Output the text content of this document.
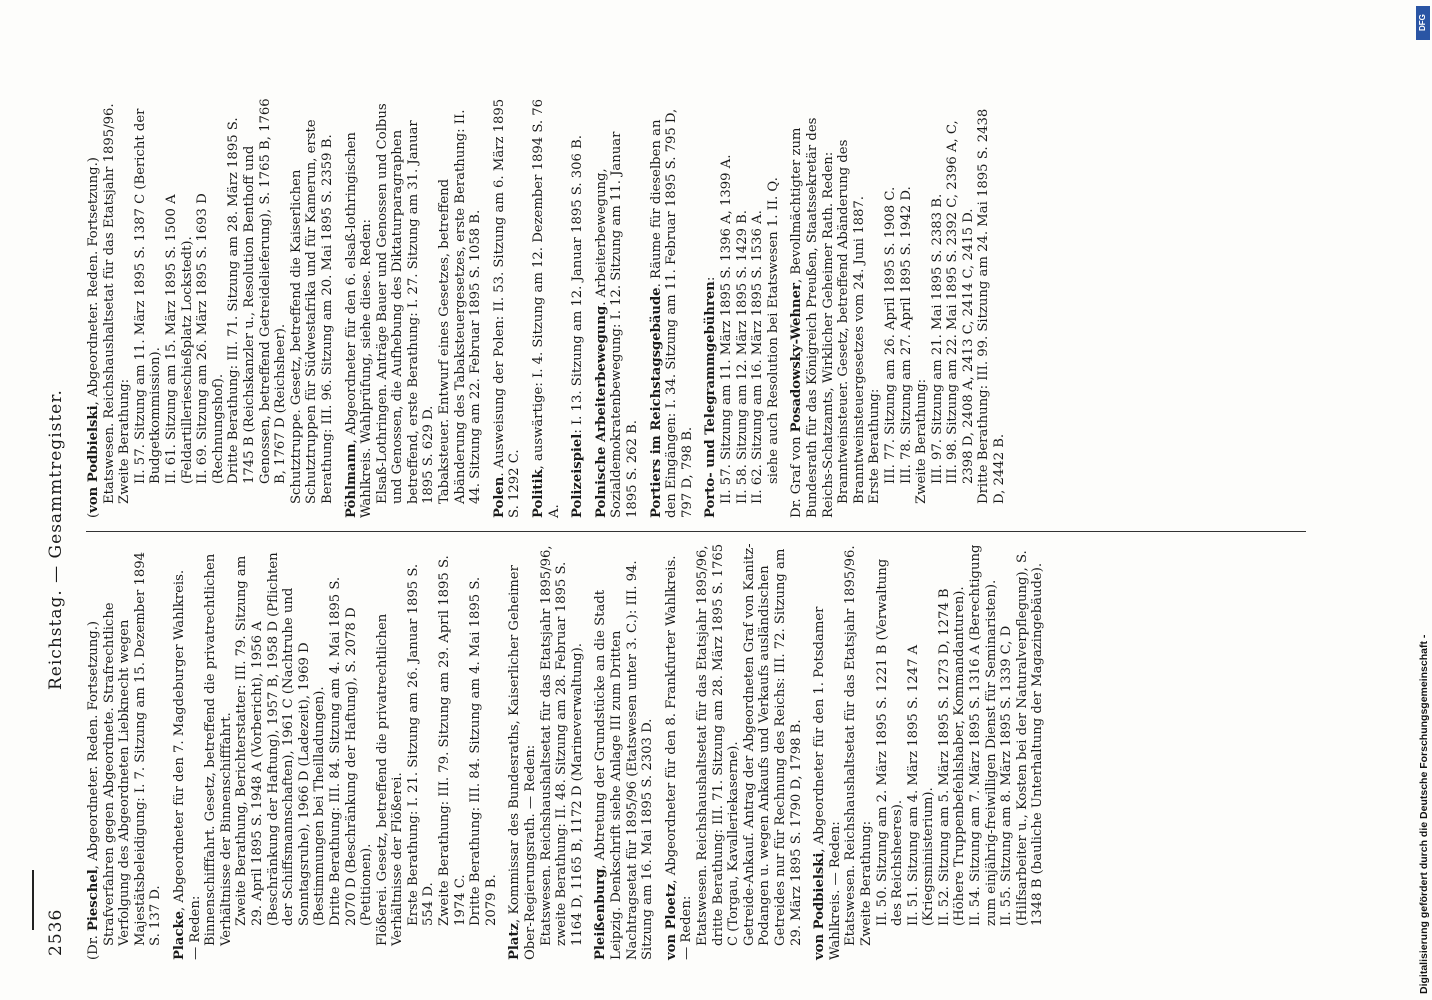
2536
Reichstag. — Gesammtregister.

(Dr. Pieschel, Abgeordneter. Reden. Fortsetzung.) Strafverfahren gegen Abgeordnete. Strafrechtliche Verfolgung des Abgeordneten Liebknecht wegen Majestätsbeleidigung: I. 7. Sitzung am 15. Dezember 1894 S. 137 D. Placke, Abgeordneter für den 7. Magdeburger Wahlkreis.

— Reden: Binnenschifffahrt. Gesetz, betreffend die privatrechtlichen Verhältnisse der Binnenschifffahrt. Zweite Berathung, Berichterstatter: III. 79. Sitzung am 29. April 1895 S. 1948 A (Vorbericht), 1956 A (Beschränkung der Haftung), 1957 B, 1958 D (Pflichten der Schiffsmannschaften), 1961 C (Nachtruhe und Sonntagsruhe), 1966 D (Ladezeit), 1969 D (Bestimmungen bei Theilladungen). Dritte Berathung: III. 84. Sitzung am 4. Mai 1895 S. 2070 D (Beschränkung der Haftung), S. 2078 D (Petitionen). Flößerei. Gesetz, betreffend die privatrechtlichen Verhältnisse der Flößerei. Erste Berathung: I. 21. Sitzung am 26. Januar 1895 S. 554 D. Zweite Berathung: III. 79. Sitzung am 29. April 1895 S. 1974 C. Dritte Berathung: III. 84. Sitzung am 4. Mai 1895 S. 2079 B.

Platz, Kommissar des Bundesraths, Kaiserlicher Geheimer Ober-Regierungsrath. — Reden: Etatswesen. Reichshaushaltsetat für das Etatsjahr 1895/96, zweite Berathung: II. 48. Sitzung am 28. Februar 1895 S. 1164 D, 1165 B, 1172 D (Marineverwaltung). Pleißenburg, Abtretung der Grundstücke an die Stadt Leipzig. Denkschrift siehe Anlage III zum Dritten Nachtragsetat für 1895/96 (Etatswesen unter 3. C.): III. 94. Sitzung am 16. Mai 1895 S. 2303 D. von Ploetz, Abgeordneter für den 8. Frankfurter Wahlkreis. — Reden: Etatswesen. Reichshaushaltsetat für das Etatsjahr 1895/96, dritte Berathung: III. 71. Sitzung am 28. März 1895 S. 1765 C (Torgau, Kavalleriekaserne). Getreide-Ankauf. Antrag der Abgeordneten Graf von Kanitz-Podangen u. wegen Ankaufs und Verkaufs ausländischen Getreides nur für Rechnung des Reichs: III. 72. Sitzung am 29. März 1895 S. 1790 D, 1798 B. von Podbielski, Abgeordneter für den 1. Potsdamer Wahlkreis. — Reden: Etatswesen. Reichshaushaltsetat für das Etatsjahr 1895/96. Zweite Berathung: II. 50. Sitzung am 2. März 1895 S. 1221 B (Verwaltung des Reichsheeres). II. 51. Sitzung am 4. März 1895 S. 1247 A (Kriegsministerium). II. 52. Sitzung am 5. März 1895 S. 1273 D, 1274 B (Höhere Truppenbefehlshaber, Kommandanturen). II. 54. Sitzung am 7. März 1895 S. 1316 A (Berechtigung zum einjährig-freiwilligen Dienst für Seminaristen). II. 55. Sitzung am 8. März 1895 S. 1339 C, D (Hilfsarbeiter u., Kosten bei der Naturalverpflegung), S. 1348 B (bauliche Unterhaltung der Magazingebäude).

(von Podbielski, Abgeordneter. Reden. Fortsetzung.) Etatswesen. Reichshaushaltsetat für das Etatsjahr 1895/96. Zweite Berathung: II. 57. Sitzung am 11. März 1895 S. 1387 C (Bericht der Budgetkommission). II. 61. Sitzung am 15. März 1895 S. 1500 A (Feldartillerieschießplatz Lockstedt). II. 69. Sitzung am 26. März 1895 S. 1693 D (Rechnungshof). Dritte Berathung: III. 71. Sitzung am 28. März 1895 S. 1745 B (Reichskanzler u., Resolution Benthoff und Genossen, betreffend Getreidelieferung), S. 1765 B, 1766 B, 1767 D (Reichsheer). Schutztruppe. Gesetz, betreffend die Kaiserlichen Schutztruppen für Südwestafrika und für Kamerun, erste Berathung: III. 96. Sitzung am 20. Mai 1895 S. 2359 B. Pöhlmann, Abgeordneter für den 6. elsaß-lothringischen Wahlkreis. Wahlprüfung, siehe diese. Reden: Elsaß-Lothringen. Anträge Bauer und Genossen und Colbus und Genossen, die Aufhebung des Diktaturparagraphen betreffend, erste Berathung: I. 27. Sitzung am 31. Januar 1895 S. 629 D. Tabaksteuer. Entwurf eines Gesetzes, betreffend Abänderung des Tabaksteuergesetzes, erste Berathung: II. 44. Sitzung am 22. Februar 1895 S. 1058 B. Polen. Ausweisung der Polen: II. 53. Sitzung am 6. März 1895 S. 1292 C. Politik, auswärtige: I. 4. Sitzung am 12. Dezember 1894 S. 76 A. Polizeispiel: I. 13. Sitzung am 12. Januar 1895 S. 306 B. Polnische Arbeiterbewegung. Arbeiterbewegung, Sozialdemokratenbewegung: I. 12. Sitzung am 11. Januar 1895 S. 262 B. Portiers im Reichstagsgebäude. Räume für dieselben an den Eingängen: I. 34. Sitzung am 11. Februar 1895 S. 795 D, 797 D, 798 B. Porto- und Telegrammgebühren: II. 57. Sitzung am 11. März 1895 S. 1396 A, 1399 A. II. 58. Sitzung am 12. März 1895 S. 1429 B. II. 62. Sitzung am 16. März 1895 S. 1536 A. siehe auch Resolution bei Etatswesen 1. II. Q. Dr. Graf von Posadowsky-Wehner, Bevollmächtigter zum Bundesrath für das Königreich Preußen, Staatssekretär des Reichs-Schatzamts, Wirklicher Geheimer Rath. Reden: Branntweinsteuer. Gesetz, betreffend Abänderung des Branntweinsteuergesetzes vom 24. Juni 1887. Erste Berathung: III. 77. Sitzung am 26. April 1895 S. 1908 C. III. 78. Sitzung am 27. April 1895 S. 1942 D. Zweite Berathung: III. 97. Sitzung am 21. Mai 1895 S. 2383 B. III. 98. Sitzung am 22. Mai 1895 S. 2392 C, 2396 A, C, 2398 D, 2408 A, 2413 C, 2414 C, 2415 D. Dritte Berathung: III. 99. Sitzung am 24. Mai 1895 S. 2438 D, 2442 B.

Digitalisierung gefördert durch die Deutsche Forschungsgemeinschaft -
DFG
